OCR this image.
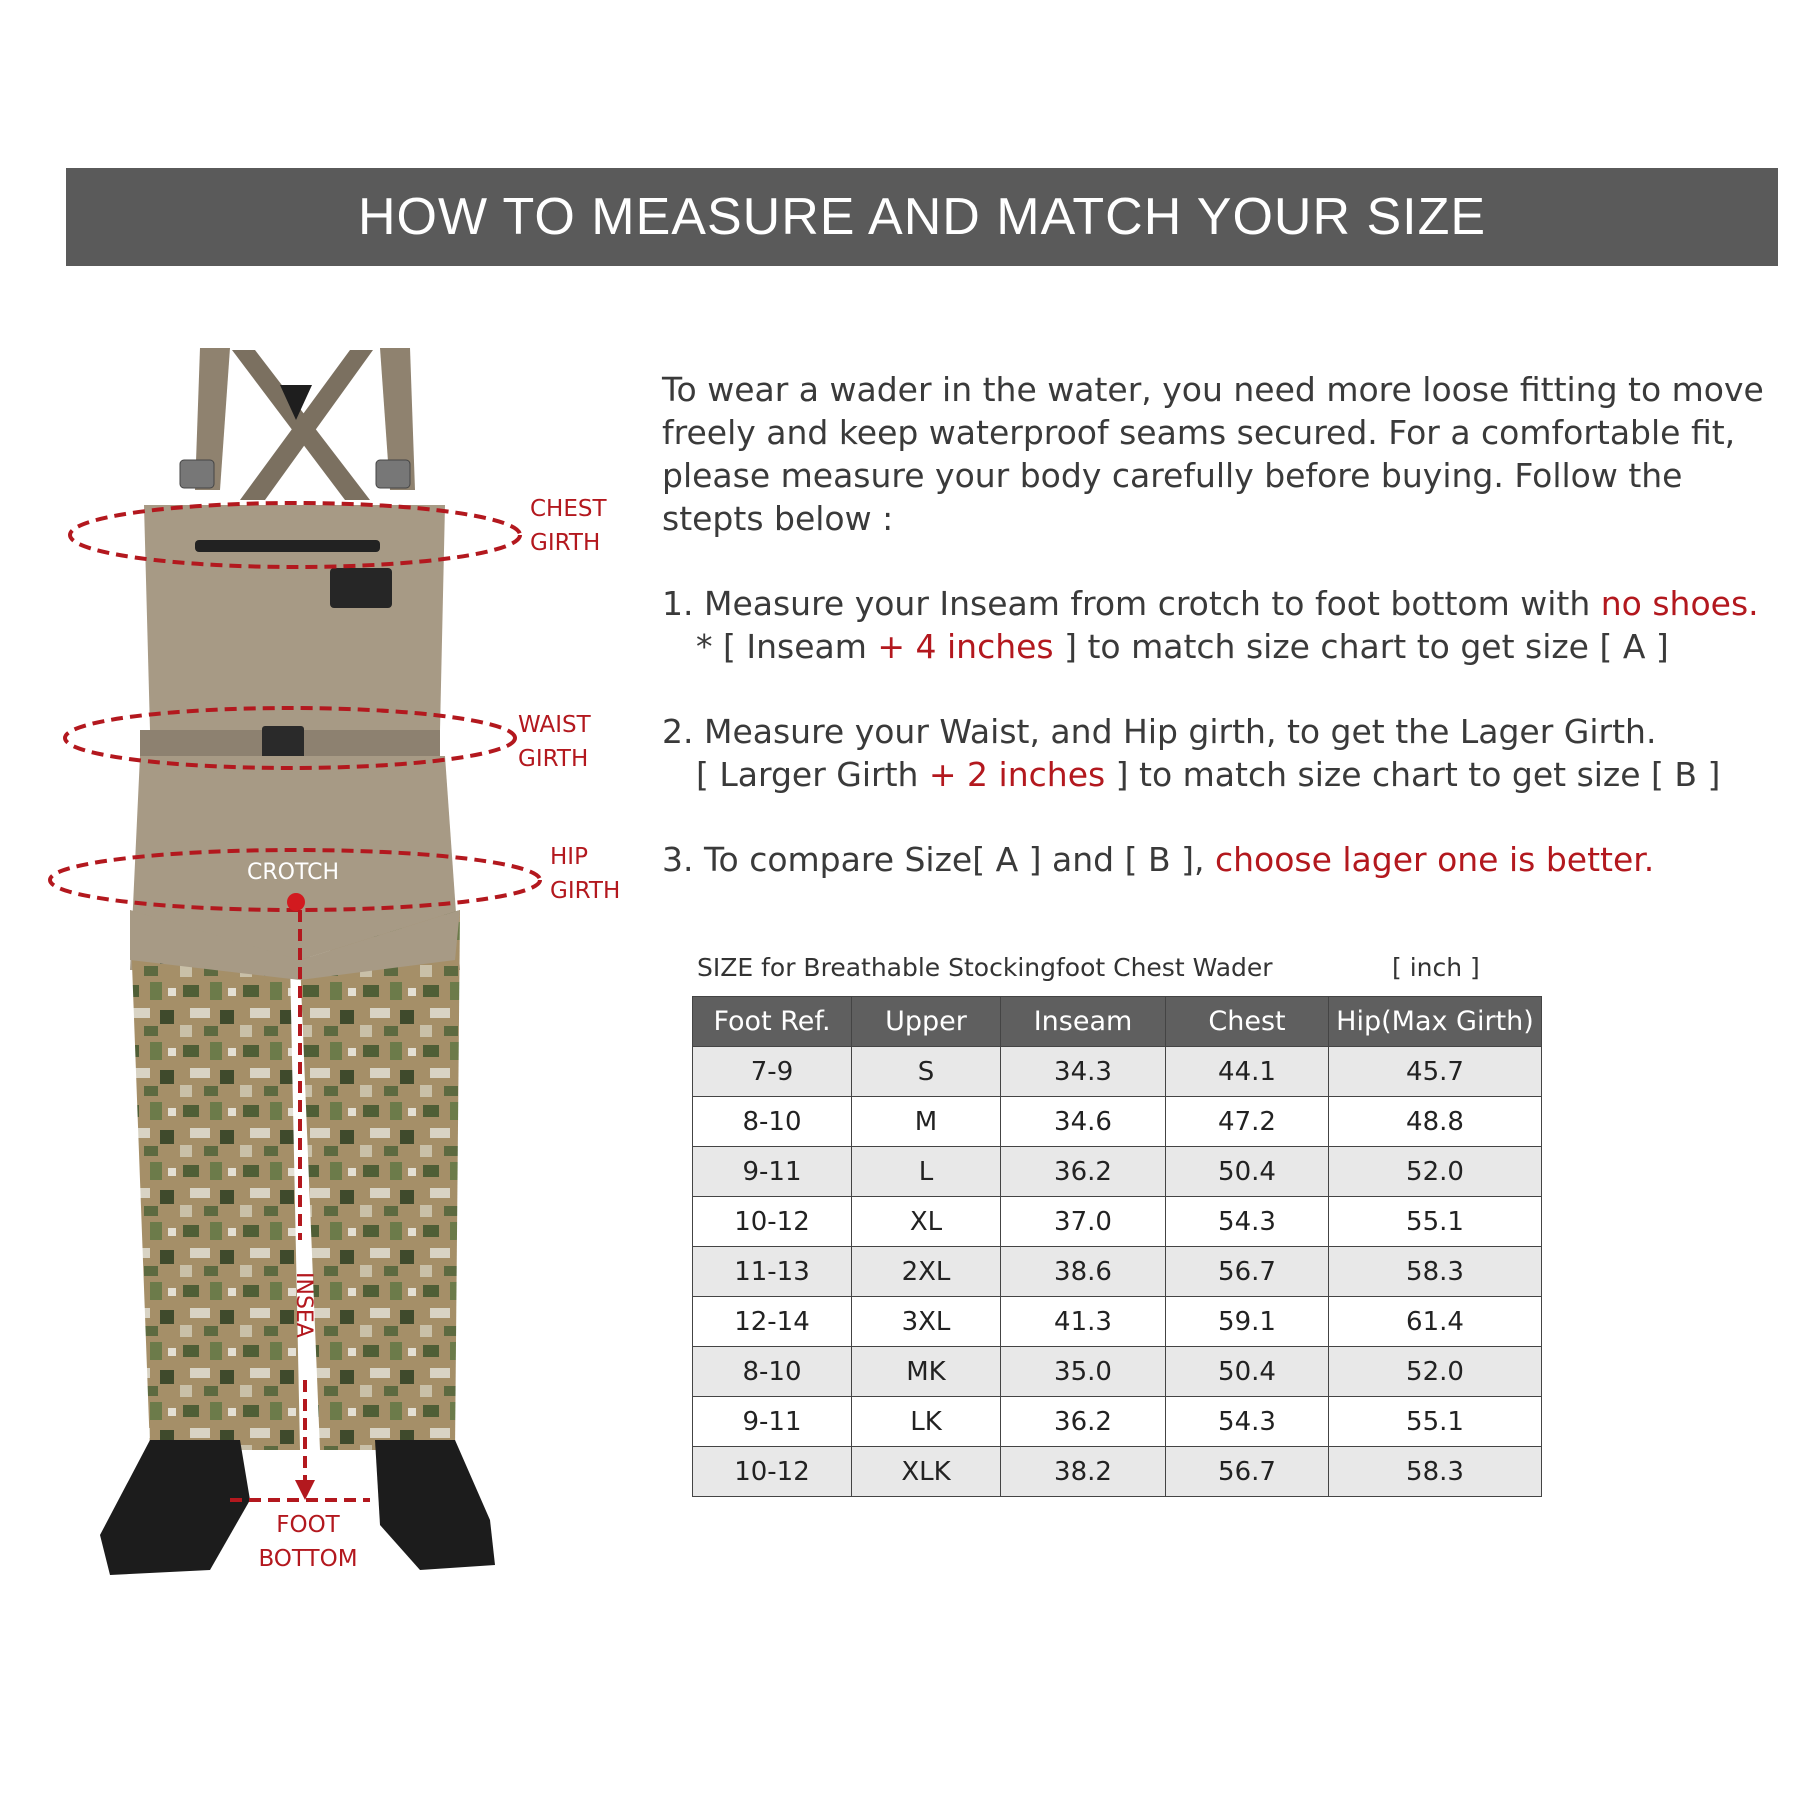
HOW TO MEASURE AND MATCH YOUR SIZE
CHEST
GIRTH
WAIST
GIRTH
HIP
GIRTH
CROTCH
INSEA
FOOT
BOTTOM

To wear a wader in the water, you need more loose fitting to move freely and keep waterproof seams secured. For a comfortable fit, please measure your body carefully before buying. Follow the stepts below :

1. Measure your Inseam from crotch to foot bottom with no shoes.
* [ Inseam + 4 inches ] to match size chart to get size [ A ]
2. Measure your Waist, and Hip girth, to get the Lager Girth.
[ Larger Girth + 2 inches ] to match size chart to get size [ B ]
3. To compare Size[ A ] and [ B ], choose lager one is better.
SIZE for Breathable Stockingfoot Chest Wader	[ inch ]
Foot Ref.	Upper	Inseam	Chest	Hip(Max Girth)
7-9	S	34.3	44.1	45.7
8-10	M	34.6	47.2	48.8
9-11	L	36.2	50.4	52.0
10-12	XL	37.0	54.3	55.1
11-13	2XL	38.6	56.7	58.3
12-14	3XL	41.3	59.1	61.4
8-10	MK	35.0	50.4	52.0
9-11	LK	36.2	54.3	55.1
10-12	XLK	38.2	56.7	58.3
